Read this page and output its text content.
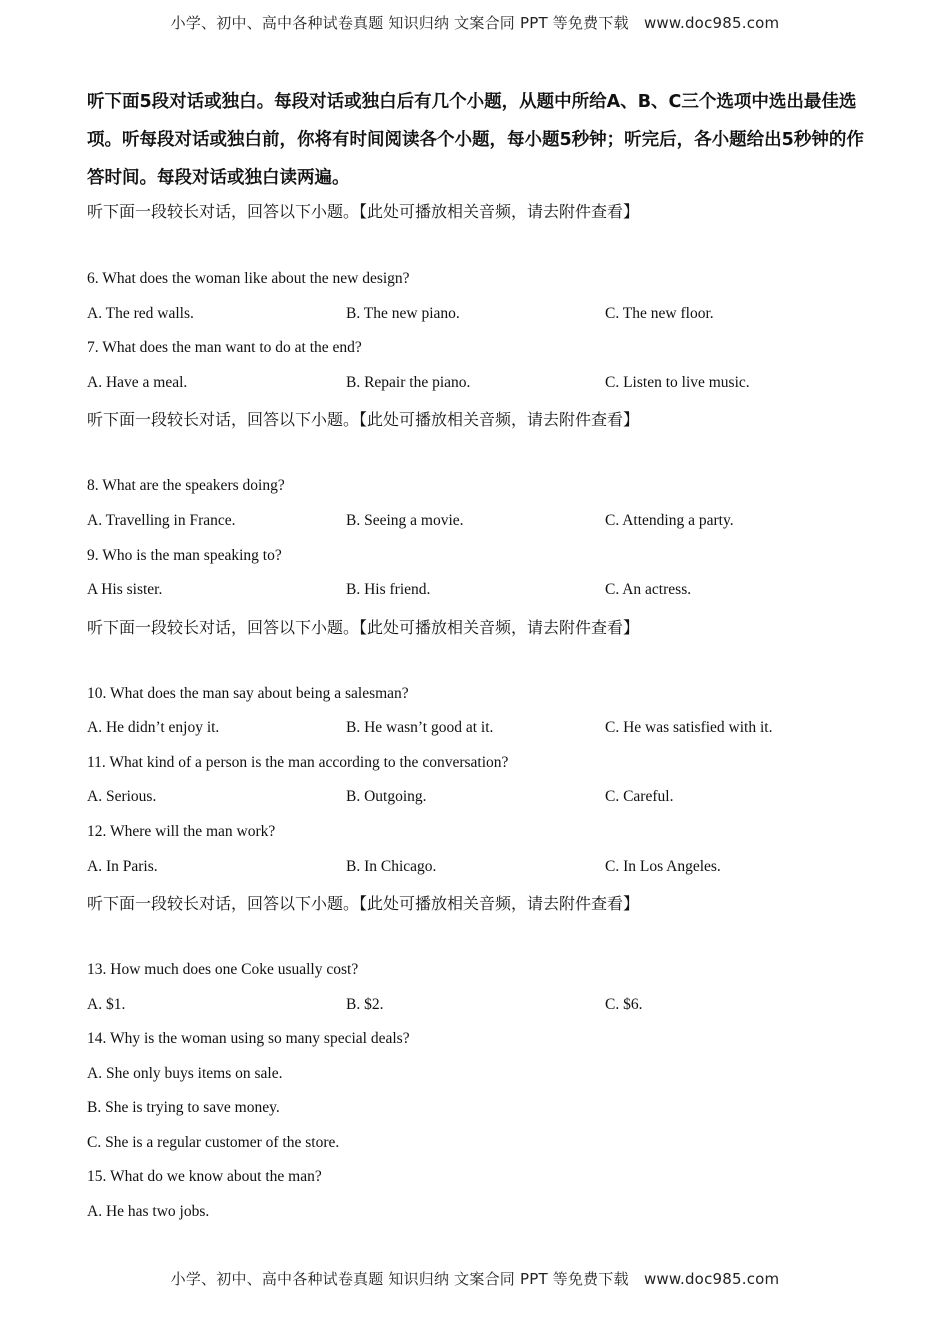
小学、初中、高中各种试卷真题 知识归纳 文案合同 PPT 等免费下载　www.doc985.com
听下面5段对话或独白。每段对话或独白后有几个小题，从题中所给A、B、C三个选项中选出最佳选项。听每段对话或独白前，你将有时间阅读各个小题，每小题5秒钟；听完后，各小题给出5秒钟的作答时间。每段对话或独白读两遍。
听下面一段较长对话，回答以下小题。【此处可播放相关音频，请去附件查看】
6. What does the woman like about the new design?
A. The red walls.	B. The new piano.	C. The new floor.
7. What does the man want to do at the end?
A. Have a meal.	B. Repair the piano.	C. Listen to live music.
听下面一段较长对话，回答以下小题。【此处可播放相关音频，请去附件查看】
8. What are the speakers doing?
A. Travelling in France.	B. Seeing a movie.	C. Attending a party.
9. Who is the man speaking to?
A His sister.	B. His friend.	C. An actress.
听下面一段较长对话，回答以下小题。【此处可播放相关音频，请去附件查看】
10. What does the man say about being a salesman?
A. He didn’t enjoy it.	B. He wasn’t good at it.	C. He was satisfied with it.
11. What kind of a person is the man according to the conversation?
A. Serious.	B. Outgoing.	C. Careful.
12. Where will the man work?
A. In Paris.	B. In Chicago.	C. In Los Angeles.
听下面一段较长对话，回答以下小题。【此处可播放相关音频，请去附件查看】
13. How much does one Coke usually cost?
A. $1.	B. $2.	C. $6.
14. Why is the woman using so many special deals?
A. She only buys items on sale.
B. She is trying to save money.
C. She is a regular customer of the store.
15. What do we know about the man?
A. He has two jobs.
小学、初中、高中各种试卷真题 知识归纳 文案合同 PPT 等免费下载　www.doc985.com
